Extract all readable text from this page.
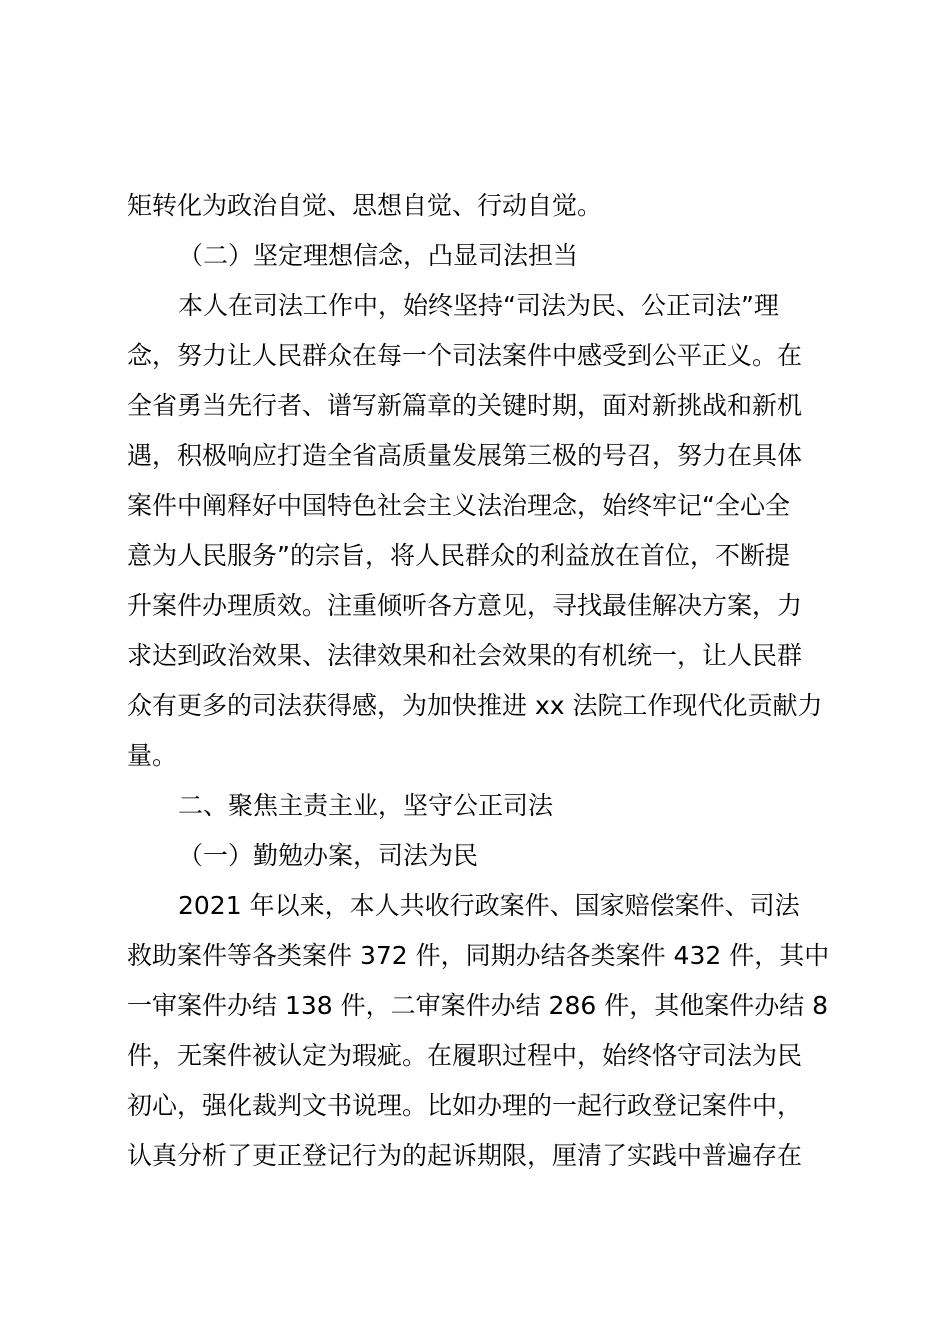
矩转化为政治自觉、思想自觉、行动自觉。
（二）坚定理想信念，凸显司法担当
本人在司法工作中，始终坚持“司法为民、公正司法”理
念，努力让人民群众在每一个司法案件中感受到公平正义。在
全省勇当先行者、谱写新篇章的关键时期，面对新挑战和新机
遇，积极响应打造全省高质量发展第三极的号召，努力在具体
案件中阐释好中国特色社会主义法治理念，始终牢记“全心全
意为人民服务”的宗旨，将人民群众的利益放在首位，不断提
升案件办理质效。注重倾听各方意见，寻找最佳解决方案，力
求达到政治效果、法律效果和社会效果的有机统一，让人民群
众有更多的司法获得感，为加快推进 xx 法院工作现代化贡献力
量。
二、聚焦主责主业，坚守公正司法
（一）勤勉办案，司法为民
2021 年以来，本人共收行政案件、国家赔偿案件、司法
救助案件等各类案件 372 件，同期办结各类案件 432 件，其中
一审案件办结 138 件，二审案件办结 286 件，其他案件办结 8
件，无案件被认定为瑕疵。在履职过程中，始终恪守司法为民
初心，强化裁判文书说理。比如办理的一起行政登记案件中，
认真分析了更正登记行为的起诉期限，厘清了实践中普遍存在
